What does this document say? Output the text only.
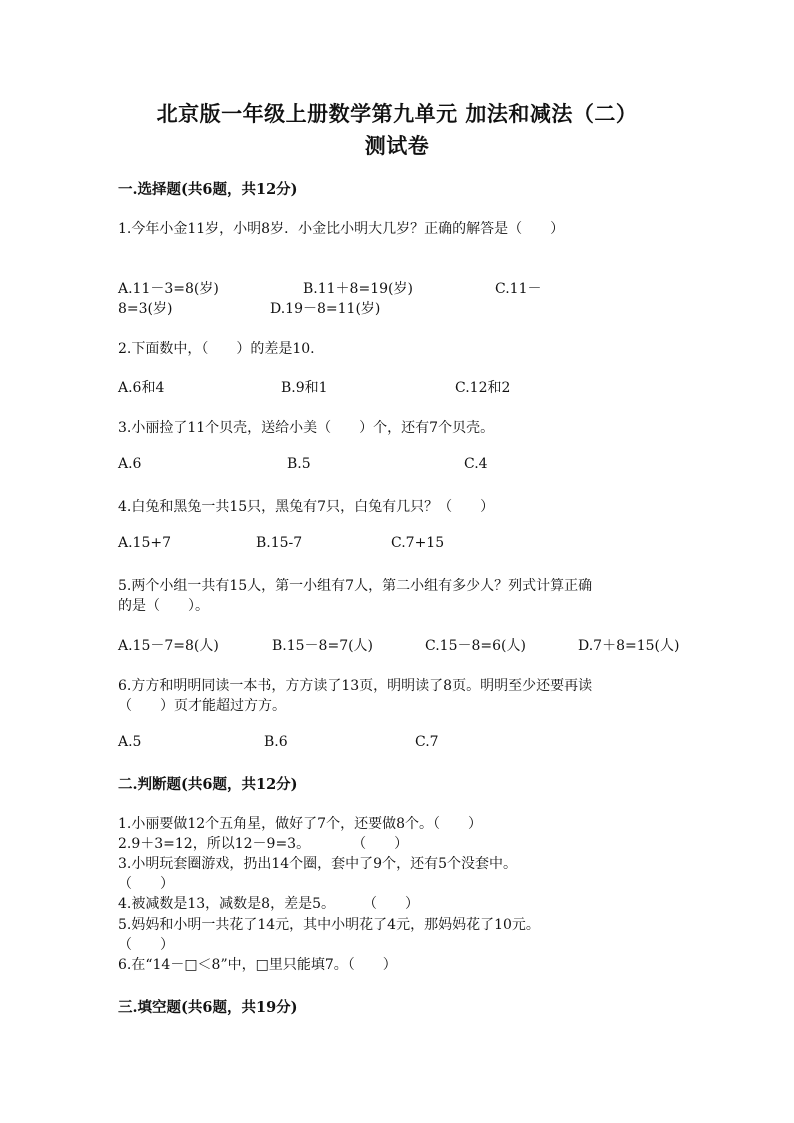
北京版一年级上册数学第九单元 加法和减法（二）
测试卷
一.选择题(共6题，共12分)
1.今年小金11岁，小明8岁．小金比小明大几岁？正确的解答是（　　）
A.11－3=8(岁)	B.11＋8=19(岁)	C.11－
8=3(岁)	D.19－8=11(岁)
2.下面数中，（　　）的差是10.
A.6和4	B.9和1	C.12和2
3.小丽捡了11个贝壳，送给小美（　　）个，还有7个贝壳。
A.6	B.5	C.4
4.白兔和黑兔一共15只，黑兔有7只，白兔有几只？（　　）
A.15+7	B.15-7	C.7+15
5.两个小组一共有15人，第一小组有7人，第二小组有多少人？列式计算正确
的是（　　）。
A.15－7=8(人)	B.15－8=7(人)	C.15－8=6(人)	D.7＋8=15(人)
6.方方和明明同读一本书，方方读了13页，明明读了8页。明明至少还要再读
（　　）页才能超过方方。
A.5	B.6	C.7
二.判断题(共6题，共12分)
1.小丽要做12个五角星，做好了7个，还要做8个。（　　）
2.9＋3=12，所以12－9=3。　　　　（　　）
3.小明玩套圈游戏，扔出14个圈，套中了9个，还有5个没套中。
（　　）
4.被减数是13，减数是8，差是5。　　　（　　）
5.妈妈和小明一共花了14元，其中小明花了4元，那妈妈花了10元。
（　　）
6.在“14－□＜8”中，□里只能填7。（　　）
三.填空题(共6题，共19分)
